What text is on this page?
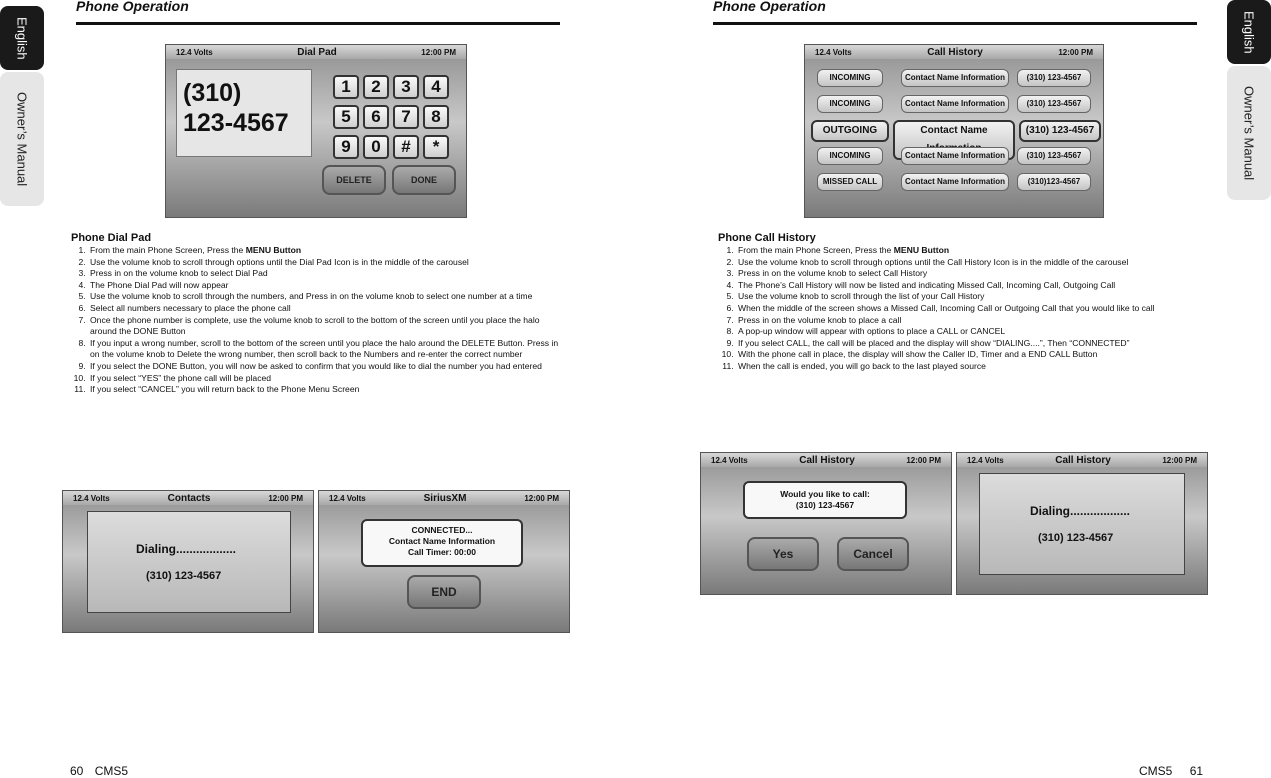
English
Owner’s Manual
Phone Operation
12.4 Volts	Dial Pad	12:00 PM
(310)
123-4567
1	2	3	4
5	6	7	8
9	0	#	*
DELETE	DONE
Phone Dial Pad
1. From the main Phone Screen, Press the MENU Button
2. Use the volume knob to scroll through options until the Dial Pad Icon is in the middle of the carousel
3. Press in on the volume knob to select Dial Pad
4. The Phone Dial Pad will now appear
5. Use the volume knob to scroll through the numbers, and Press in on the volume knob to select one number at a time
6. Select all numbers necessary to place the phone call
7. Once the phone number is complete, use the volume knob to scroll to the bottom of the screen until you place the halo around the DONE Button
8. If you input a wrong number, scroll to the bottom of the screen until you place the halo around the DELETE Button. Press in on the volume knob to Delete the wrong number, then scroll back to the Numbers and re-enter the correct number
9. If you select the DONE Button, you will now be asked to confirm that you would like to dial the number you had entered
10. If you select “YES” the phone call will be placed
11. If you select “CANCEL” you will return back to the Phone Menu Screen
12.4 Volts	Contacts	12:00 PM
Dialing..................
(310) 123-4567
12.4 Volts	SiriusXM	12:00 PM
CONNECTED...
Contact Name Information
Call Timer: 00:00
END
60 CMS5
English
Owner’s Manual
Phone Operation
12.4 Volts	Call History	12:00 PM
INCOMING	Contact Name Information	(310) 123-4567
INCOMING	Contact Name Information	(310) 123-4567
OUTGOING	Contact Name	(310) 123-4567
INCOMING	Contact Name Information	(310) 123-4567
MISSED CALL	Contact Name Information	(310)123-4567
Phone Call History
1. From the main Phone Screen, Press the MENU Button
2. Use the volume knob to scroll through options until the Call History Icon is in the middle of the carousel
3. Press in on the volume knob to select Call History
4. The Phone’s Call History will now be listed and indicating Missed Call, Incoming Call, Outgoing Call
5. Use the volume knob to scroll through the list of your Call History
6. When the middle of the screen shows a Missed Call, Incoming Call or Outgoing Call that you would like to call
7. Press in on the volume knob to place a call
8. A pop-up window will appear with options to place a CALL or CANCEL
9. If you select CALL, the call will be placed and the display will show “DIALING....”, Then “CONNECTED”
10. With the phone call in place, the display will show the Caller ID, Timer and a END CALL Button
11. When the call is ended, you will go back to the last played source
12.4 Volts	Call History	12:00 PM
Would you like to call:
(310) 123-4567
Yes	Cancel
12.4 Volts	Call History	12:00 PM
Dialing..................
(310) 123-4567
CMS5 61
